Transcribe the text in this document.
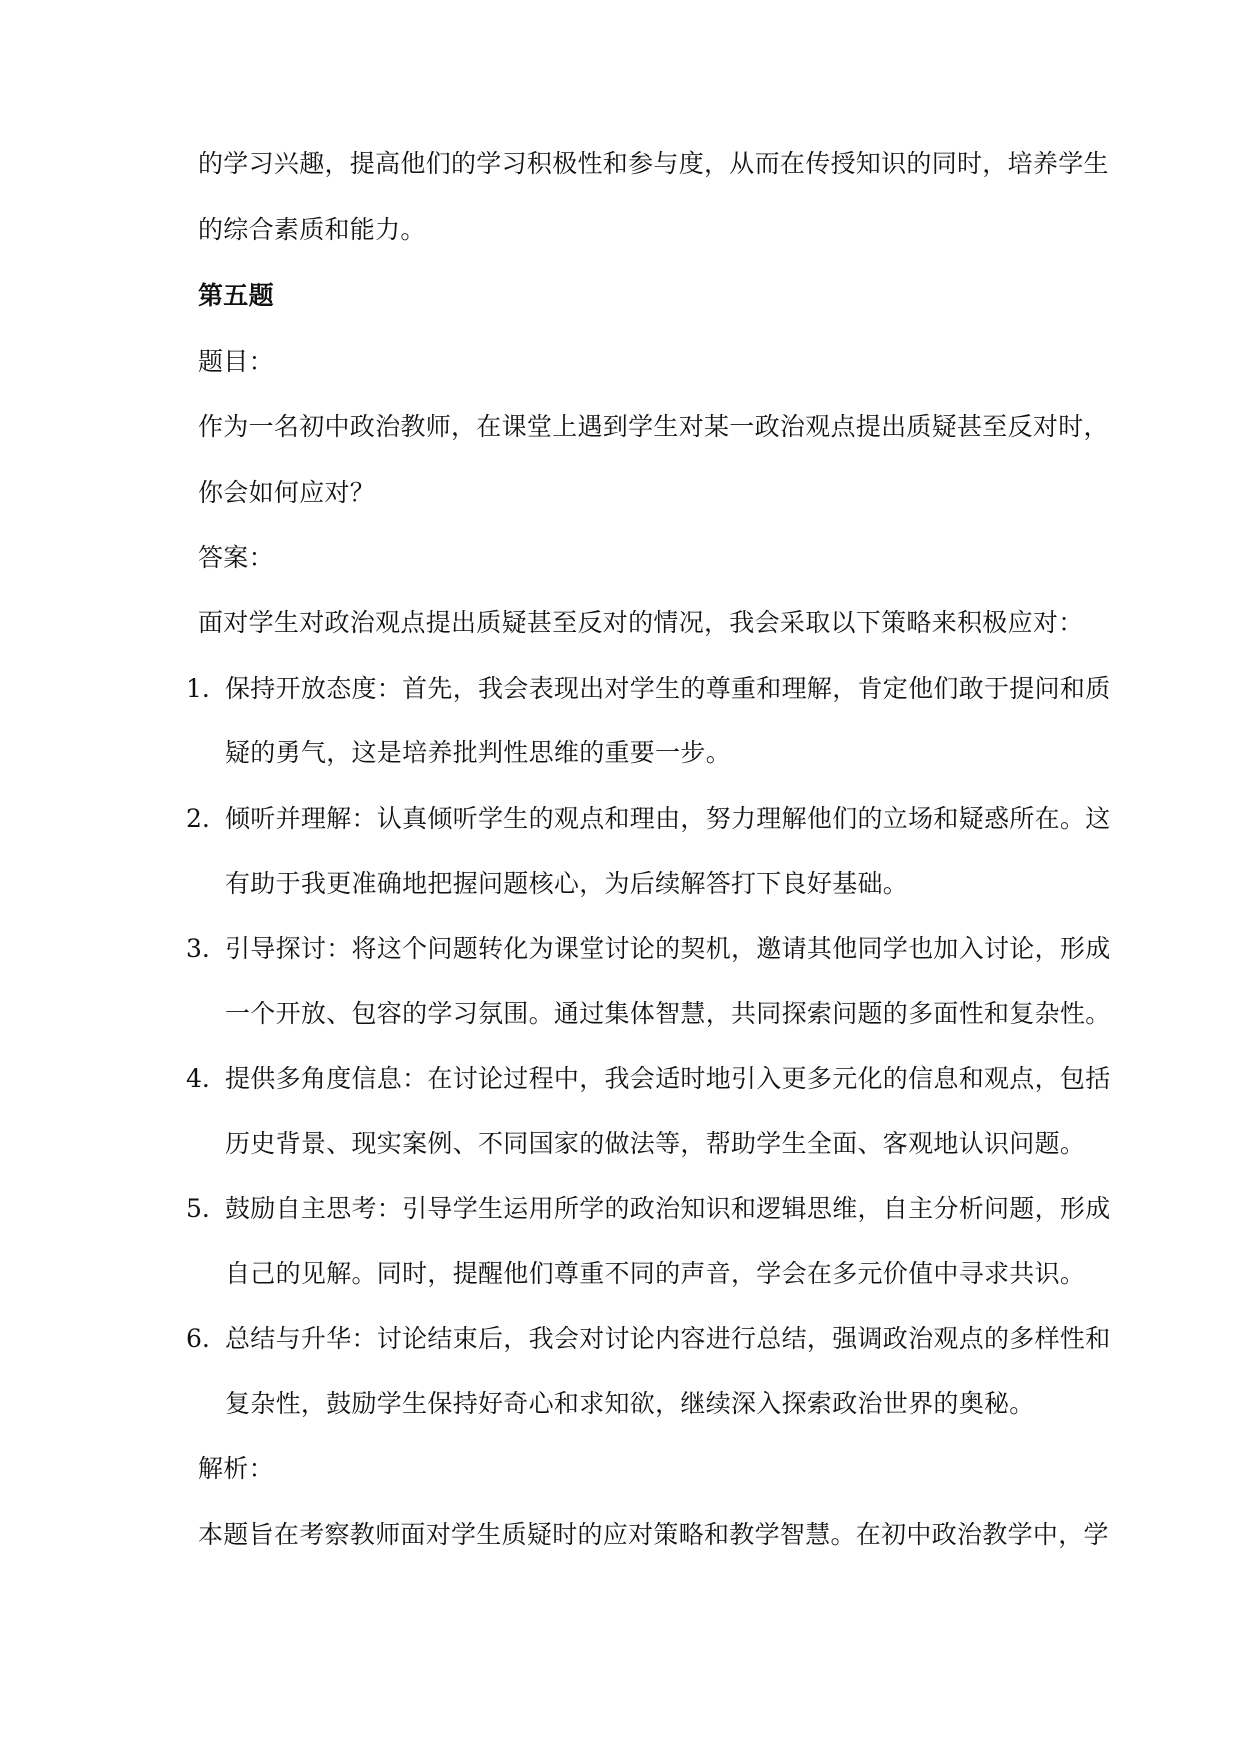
的学习兴趣，提高他们的学习积极性和参与度，从而在传授知识的同时，培养学生
的综合素质和能力。
第五题
题目：
作为一名初中政治教师，在课堂上遇到学生对某一政治观点提出质疑甚至反对时，
你会如何应对？
答案：
面对学生对政治观点提出质疑甚至反对的情况，我会采取以下策略来积极应对：
1. 保持开放态度：首先，我会表现出对学生的尊重和理解，肯定他们敢于提问和质
疑的勇气，这是培养批判性思维的重要一步。
2. 倾听并理解：认真倾听学生的观点和理由，努力理解他们的立场和疑惑所在。这
有助于我更准确地把握问题核心，为后续解答打下良好基础。
3. 引导探讨：将这个问题转化为课堂讨论的契机，邀请其他同学也加入讨论，形成
一个开放、包容的学习氛围。通过集体智慧，共同探索问题的多面性和复杂性。
4. 提供多角度信息：在讨论过程中，我会适时地引入更多元化的信息和观点，包括
历史背景、现实案例、不同国家的做法等，帮助学生全面、客观地认识问题。
5. 鼓励自主思考：引导学生运用所学的政治知识和逻辑思维，自主分析问题，形成
自己的见解。同时，提醒他们尊重不同的声音，学会在多元价值中寻求共识。
6. 总结与升华：讨论结束后，我会对讨论内容进行总结，强调政治观点的多样性和
复杂性，鼓励学生保持好奇心和求知欲，继续深入探索政治世界的奥秘。
解析：
本题旨在考察教师面对学生质疑时的应对策略和教学智慧。在初中政治教学中，学
